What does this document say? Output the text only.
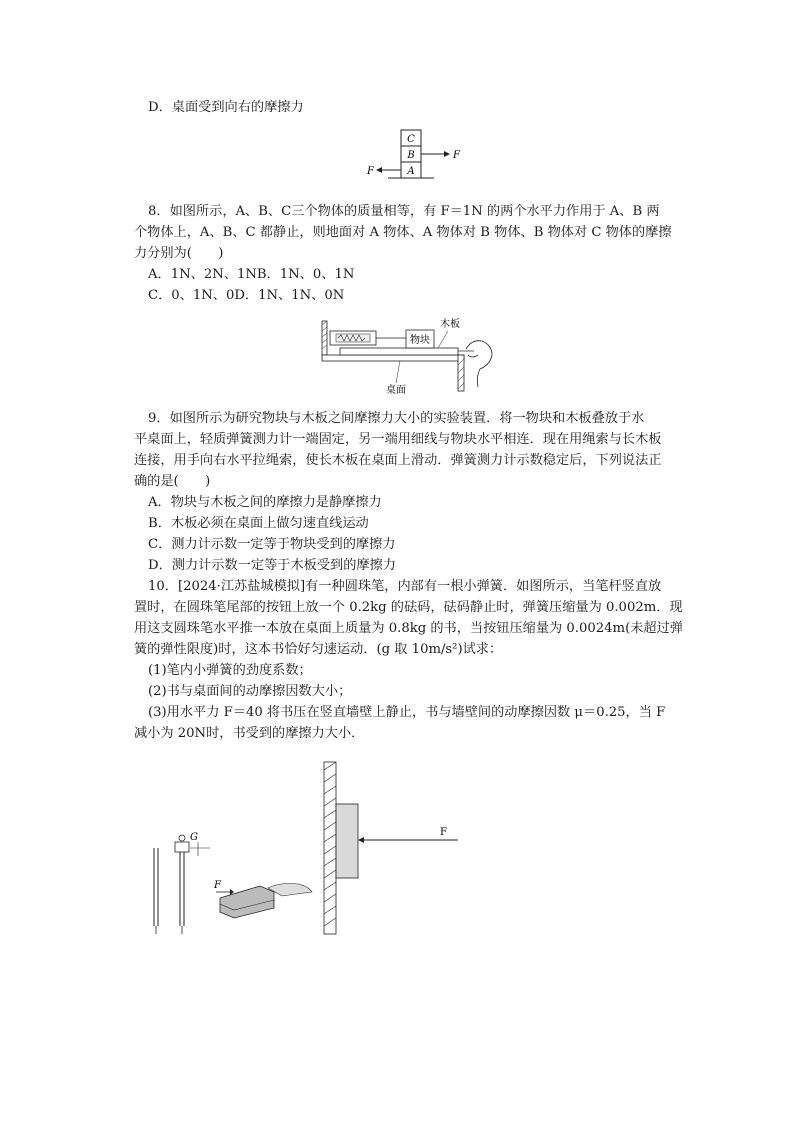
D．桌面受到向右的摩擦力
C
B
A
F
F
8．如图所示，A、B、C三个物体的质量相等，有 F＝1N 的两个水平力作用于 A、B 两
个物体上，A、B、C 都静止，则地面对 A 物体、A 物体对 B 物体、B 物体对 C 物体的摩擦
力分别为(　　)
A．1N、2N、1NB．1N、0、1N
C．0、1N、0D．1N、1N、0N
物块
木板
桌面
9．如图所示为研究物块与木板之间摩擦力大小的实验装置．将一物块和木板叠放于水
平桌面上，轻质弹簧测力计一端固定，另一端用细线与物块水平相连．现在用绳索与长木板
连接，用手向右水平拉绳索，使长木板在桌面上滑动．弹簧测力计示数稳定后，下列说法正
确的是(　　)
A．物块与木板之间的摩擦力是静摩擦力
B．木板必须在桌面上做匀速直线运动
C．测力计示数一定等于物块受到的摩擦力
D．测力计示数一定等于木板受到的摩擦力
10．[2024·江苏盐城模拟]有一种圆珠笔，内部有一根小弹簧．如图所示，当笔杆竖直放
置时，在圆珠笔尾部的按钮上放一个 0.2kg 的砝码，砝码静止时，弹簧压缩量为 0.002m．现
用这支圆珠笔水平推一本放在桌面上质量为 0.8kg 的书，当按钮压缩量为 0.0024m(未超过弹
簧的弹性限度)时，这本书恰好匀速运动．(g 取 10m/s²)试求：
(1)笔内小弹簧的劲度系数；
(2)书与桌面间的动摩擦因数大小；
(3)用水平力 F＝40 将书压在竖直墙壁上静止，书与墙壁间的动摩擦因数 μ＝0.25，当 F
减小为 20N时，书受到的摩擦力大小．
G
F
F
